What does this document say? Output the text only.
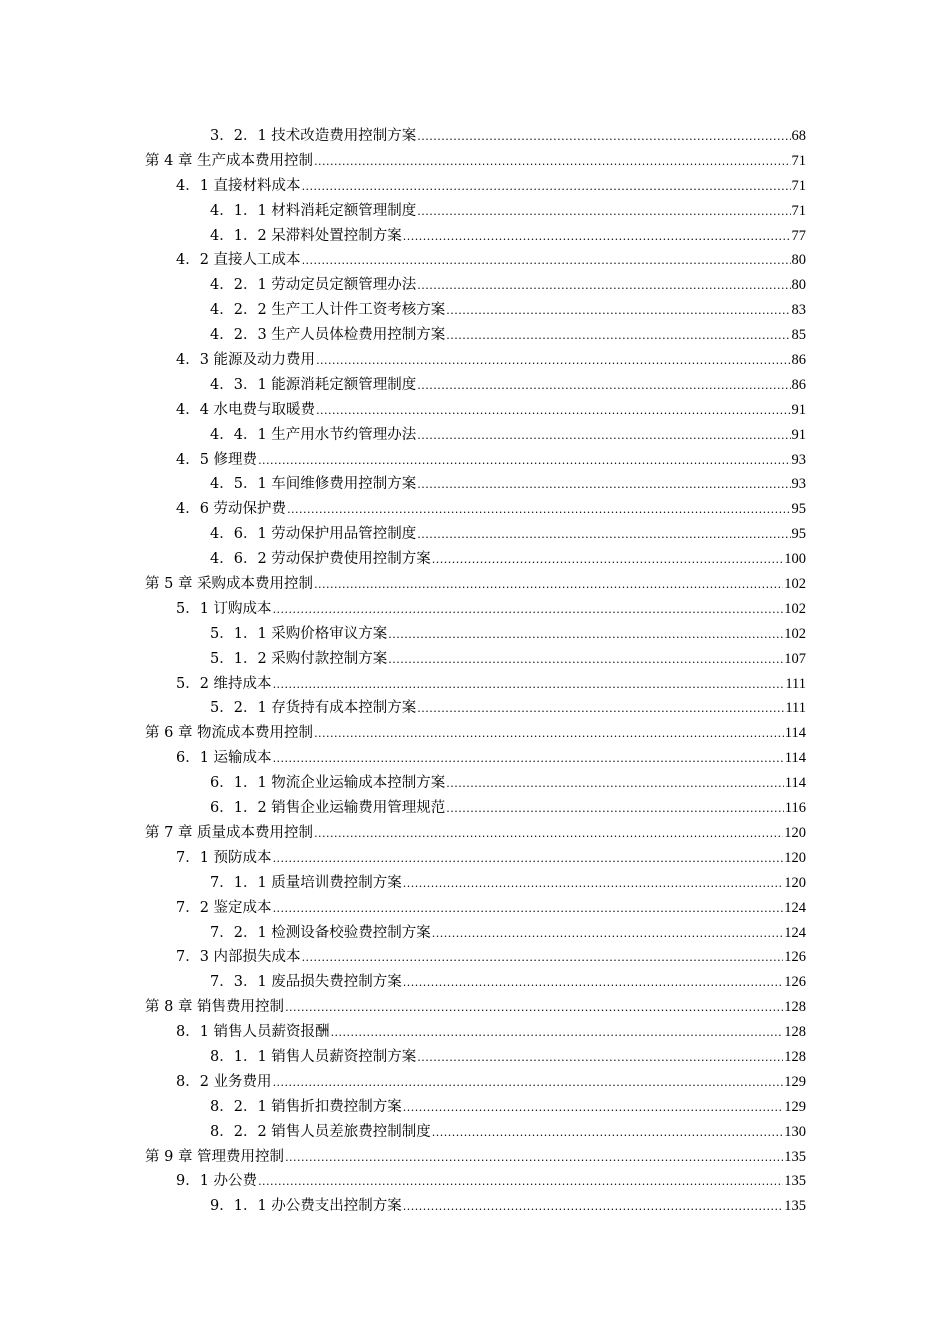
3．2．1 技术改造费用控制方案 .....	68
第 4 章 生产成本费用控制 .....	71
4．1 直接材料成本 .....	71
4．1．1 材料消耗定额管理制度 .....	71
4．1．2 呆滞料处置控制方案 .....	77
4．2 直接人工成本 .....	80
4．2．1 劳动定员定额管理办法 .....	80
4．2．2 生产工人计件工资考核方案 .....	83
4．2．3 生产人员体检费用控制方案 .....	85
4．3 能源及动力费用 .....	86
4．3．1 能源消耗定额管理制度 .....	86
4．4 水电费与取暖费 .....	91
4．4．1 生产用水节约管理办法 .....	91
4．5 修理费 .....	93
4．5．1 车间维修费用控制方案 .....	93
4．6 劳动保护费 .....	95
4．6．1 劳动保护用品管控制度 .....	95
4．6．2 劳动保护费使用控制方案 .....	100
第 5 章 采购成本费用控制 .....	102
5．1 订购成本 .....	102
5．1．1 采购价格审议方案 .....	102
5．1．2 采购付款控制方案 .....	107
5．2 维持成本 .....	111
5．2．1 存货持有成本控制方案 .....	111
第 6 章 物流成本费用控制 .....	114
6．1 运输成本 .....	114
6．1．1 物流企业运输成本控制方案 .....	114
6．1．2 销售企业运输费用管理规范 .....	116
第 7 章 质量成本费用控制 .....	120
7．1 预防成本 .....	120
7．1．1 质量培训费控制方案 .....	120
7．2 鉴定成本 .....	124
7．2．1 检测设备校验费控制方案 .....	124
7．3 内部损失成本 .....	126
7．3．1 废品损失费控制方案 .....	126
第 8 章 销售费用控制 .....	128
8．1 销售人员薪资报酬 .....	128
8．1．1 销售人员薪资控制方案 .....	128
8．2 业务费用 .....	129
8．2．1 销售折扣费控制方案 .....	129
8．2．2 销售人员差旅费控制制度 .....	130
第 9 章 管理费用控制 .....	135
9．1 办公费 .....	135
9．1．1 办公费支出控制方案 .....	135
